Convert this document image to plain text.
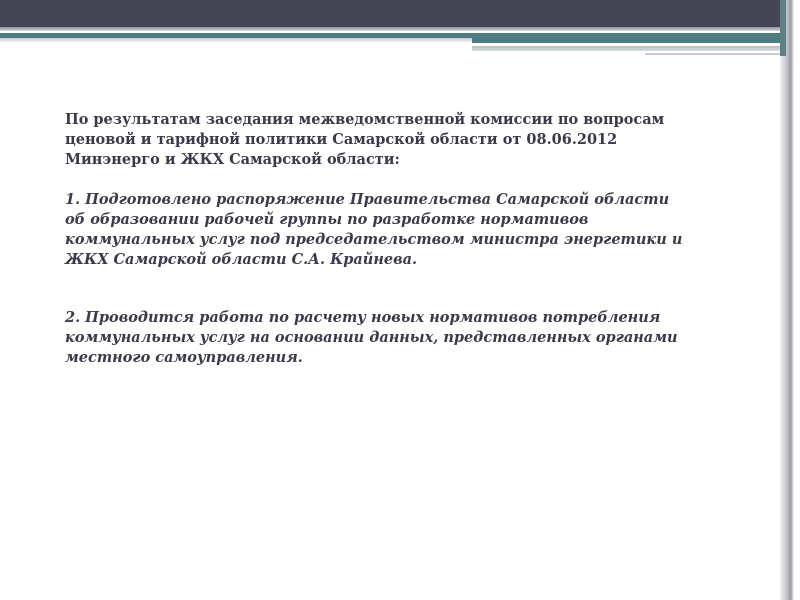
По результатам заседания межведомственной комиссии по вопросам
ценовой и тарифной политики Самарской области от 08.06.2012
Минэнерго и ЖКХ Самарской области:

1. Подготовлено распоряжение Правительства Самарской области
об образовании рабочей группы по разработке нормативов
коммунальных услуг под председательством министра энергетики и
ЖКХ Самарской области С.А. Крайнева.

2. Проводится работа по расчету новых нормативов потребления
коммунальных услуг на основании данных, представленных органами
местного самоуправления.
